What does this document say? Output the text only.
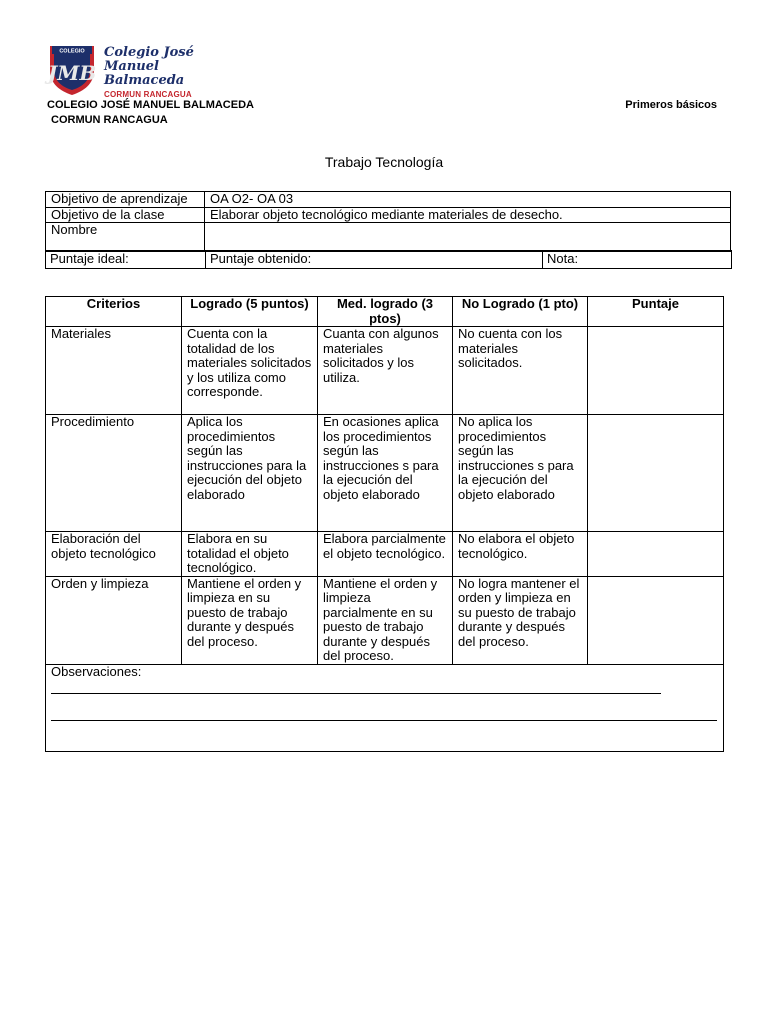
COLEGIO
JMB
Colegio José
Manuel Balmaceda
CORMUN RANCAGUA
COLEGIO JOSÉ MANUEL BALMACEDA
CORMUN RANCAGUA
Primeros básicos
Trabajo Tecnología
Objetivo de aprendizaje	OA O2- OA 03
Objetivo de la clase	Elaborar objeto tecnológico mediante materiales de desecho.
Nombre	
Puntaje ideal:	Puntaje obtenido:	Nota:
Criterios	Logrado (5 puntos)	Med. logrado (3 ptos)	No Logrado (1 pto)	Puntaje
Materiales	Cuenta con la totalidad de los materiales solicitados y los utiliza como corresponde.	Cuanta con algunos materiales solicitados y los utiliza.	No cuenta con los materiales solicitados.	
Procedimiento	Aplica los procedimientos según las instrucciones para la ejecución del objeto elaborado	En ocasiones aplica los procedimientos según las instrucciones s para la ejecución del objeto elaborado	No aplica los procedimientos según las instrucciones s para la ejecución del objeto elaborado	
Elaboración del objeto tecnológico	Elabora en su totalidad el objeto tecnológico.	Elabora parcialmente el objeto tecnológico.	No elabora el objeto tecnológico.	
Orden y limpieza	Mantiene el orden y limpieza en su puesto de trabajo durante y después del proceso.	Mantiene el orden y limpieza parcialmente en su puesto de trabajo durante y después del proceso.	No logra mantener el orden y limpieza en su puesto de trabajo durante y después del proceso.	
Observaciones:				
